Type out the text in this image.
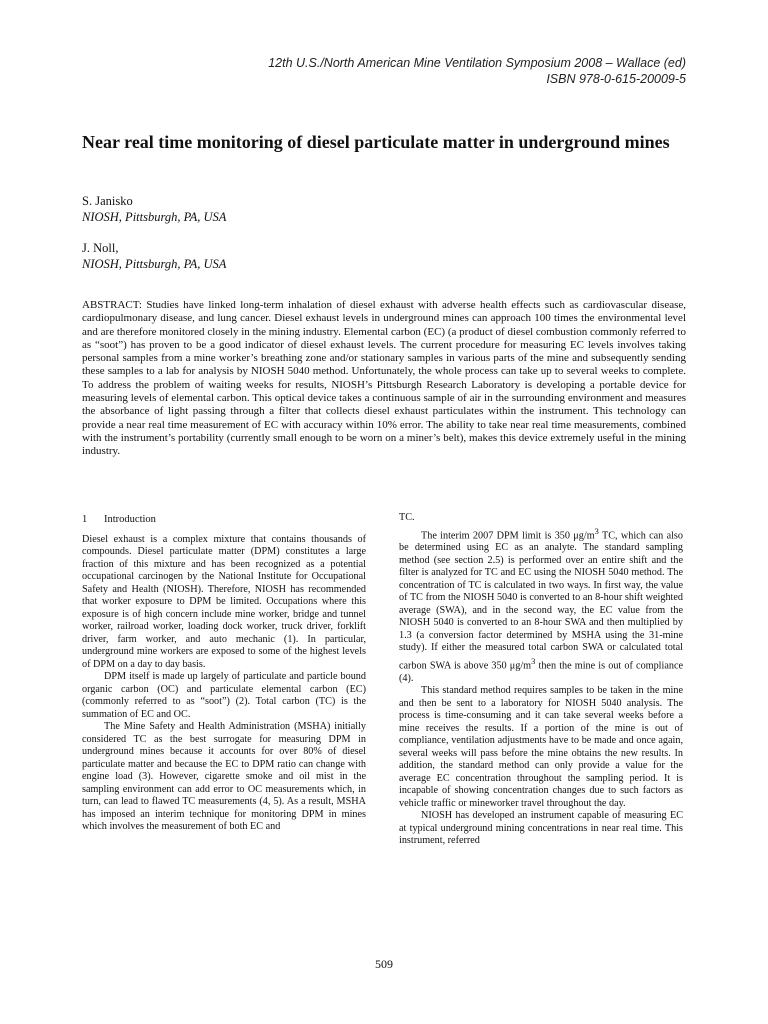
12th U.S./North American Mine Ventilation Symposium 2008 – Wallace (ed)
ISBN 978-0-615-20009-5
Near real time monitoring of diesel particulate matter in underground mines
S. Janisko
NIOSH, Pittsburgh, PA, USA
J. Noll,
NIOSH, Pittsburgh, PA, USA

ABSTRACT: Studies have linked long-term inhalation of diesel exhaust with adverse health effects such as cardiovascular disease, cardiopulmonary disease, and lung cancer. Diesel exhaust levels in underground mines can approach 100 times the environmental level and are therefore monitored closely in the mining industry. Elemental carbon (EC) (a product of diesel combustion commonly referred to as “soot”) has proven to be a good indicator of diesel exhaust levels. The current procedure for measuring EC levels involves taking personal samples from a mine worker’s breathing zone and/or stationary samples in various parts of the mine and subsequently sending these samples to a lab for analysis by NIOSH 5040 method. Unfortunately, the whole process can take up to several weeks to complete. To address the problem of waiting weeks for results, NIOSH’s Pittsburgh Research Laboratory is developing a portable device for measuring levels of elemental carbon. This optical device takes a continuous sample of air in the surrounding environment and measures the absorbance of light passing through a filter that collects diesel exhaust particulates within the instrument. This technology can provide a near real time measurement of EC with accuracy within 10% error. The ability to take near real time measurements, combined with the instrument’s portability (currently small enough to be worn on a miner’s belt), makes this device extremely useful in the mining industry.

1 Introduction

Diesel exhaust is a complex mixture that contains thousands of compounds. Diesel particulate matter (DPM) constitutes a large fraction of this mixture and has been recognized as a potential occupational carcinogen by the National Institute for Occupational Safety and Health (NIOSH). Therefore, NIOSH has recommended that worker exposure to DPM be limited. Occupations where this exposure is of high concern include mine worker, bridge and tunnel worker, railroad worker, loading dock worker, truck driver, forklift driver, farm worker, and auto mechanic (1). In particular, underground mine workers are exposed to some of the highest levels of DPM on a day to day basis.

DPM itself is made up largely of particulate and particle bound organic carbon (OC) and particulate elemental carbon (EC) (commonly referred to as “soot”) (2). Total carbon (TC) is the summation of EC and OC.

The Mine Safety and Health Administration (MSHA) initially considered TC as the best surrogate for measuring DPM in underground mines because it accounts for over 80% of diesel particulate matter and because the EC to DPM ratio can change with engine load (3). However, cigarette smoke and oil mist in the sampling environment can add error to OC measurements which, in turn, can lead to flawed TC measurements (4, 5). As a result, MSHA has imposed an interim technique for monitoring DPM in mines which involves the measurement of both EC and

TC.

The interim 2007 DPM limit is 350 $\mu g/m^3$ TC, which can also be determined using EC as an analyte. The standard sampling method (see section 2.5) is performed over an entire shift and the filter is analyzed for TC and EC using the NIOSH 5040 method. The concentration of TC is calculated in two ways. In first way, the value of TC from the NIOSH 5040 is converted to an 8-hour shift weighted average (SWA), and in the second way, the EC value from the NIOSH 5040 is converted to an 8-hour SWA and then multiplied by 1.3 (a conversion factor determined by MSHA using the 31-mine study). If either the measured total carbon SWA or calculated total carbon SWA is above 350 $\mu g/m^3$ then the mine is out of compliance (4).

This standard method requires samples to be taken in the mine and then be sent to a laboratory for NIOSH 5040 analysis. The process is time-consuming and it can take several weeks before a mine receives the results. If a portion of the mine is out of compliance, ventilation adjustments have to be made and once again, several weeks will pass before the mine obtains the new results. In addition, the standard method can only provide a value for the average EC concentration throughout the sampling period. It is incapable of showing concentration changes due to such factors as vehicle traffic or mineworker travel throughout the day.

NIOSH has developed an instrument capable of measuring EC at typical underground mining concentrations in near real time. This instrument, referred

509
